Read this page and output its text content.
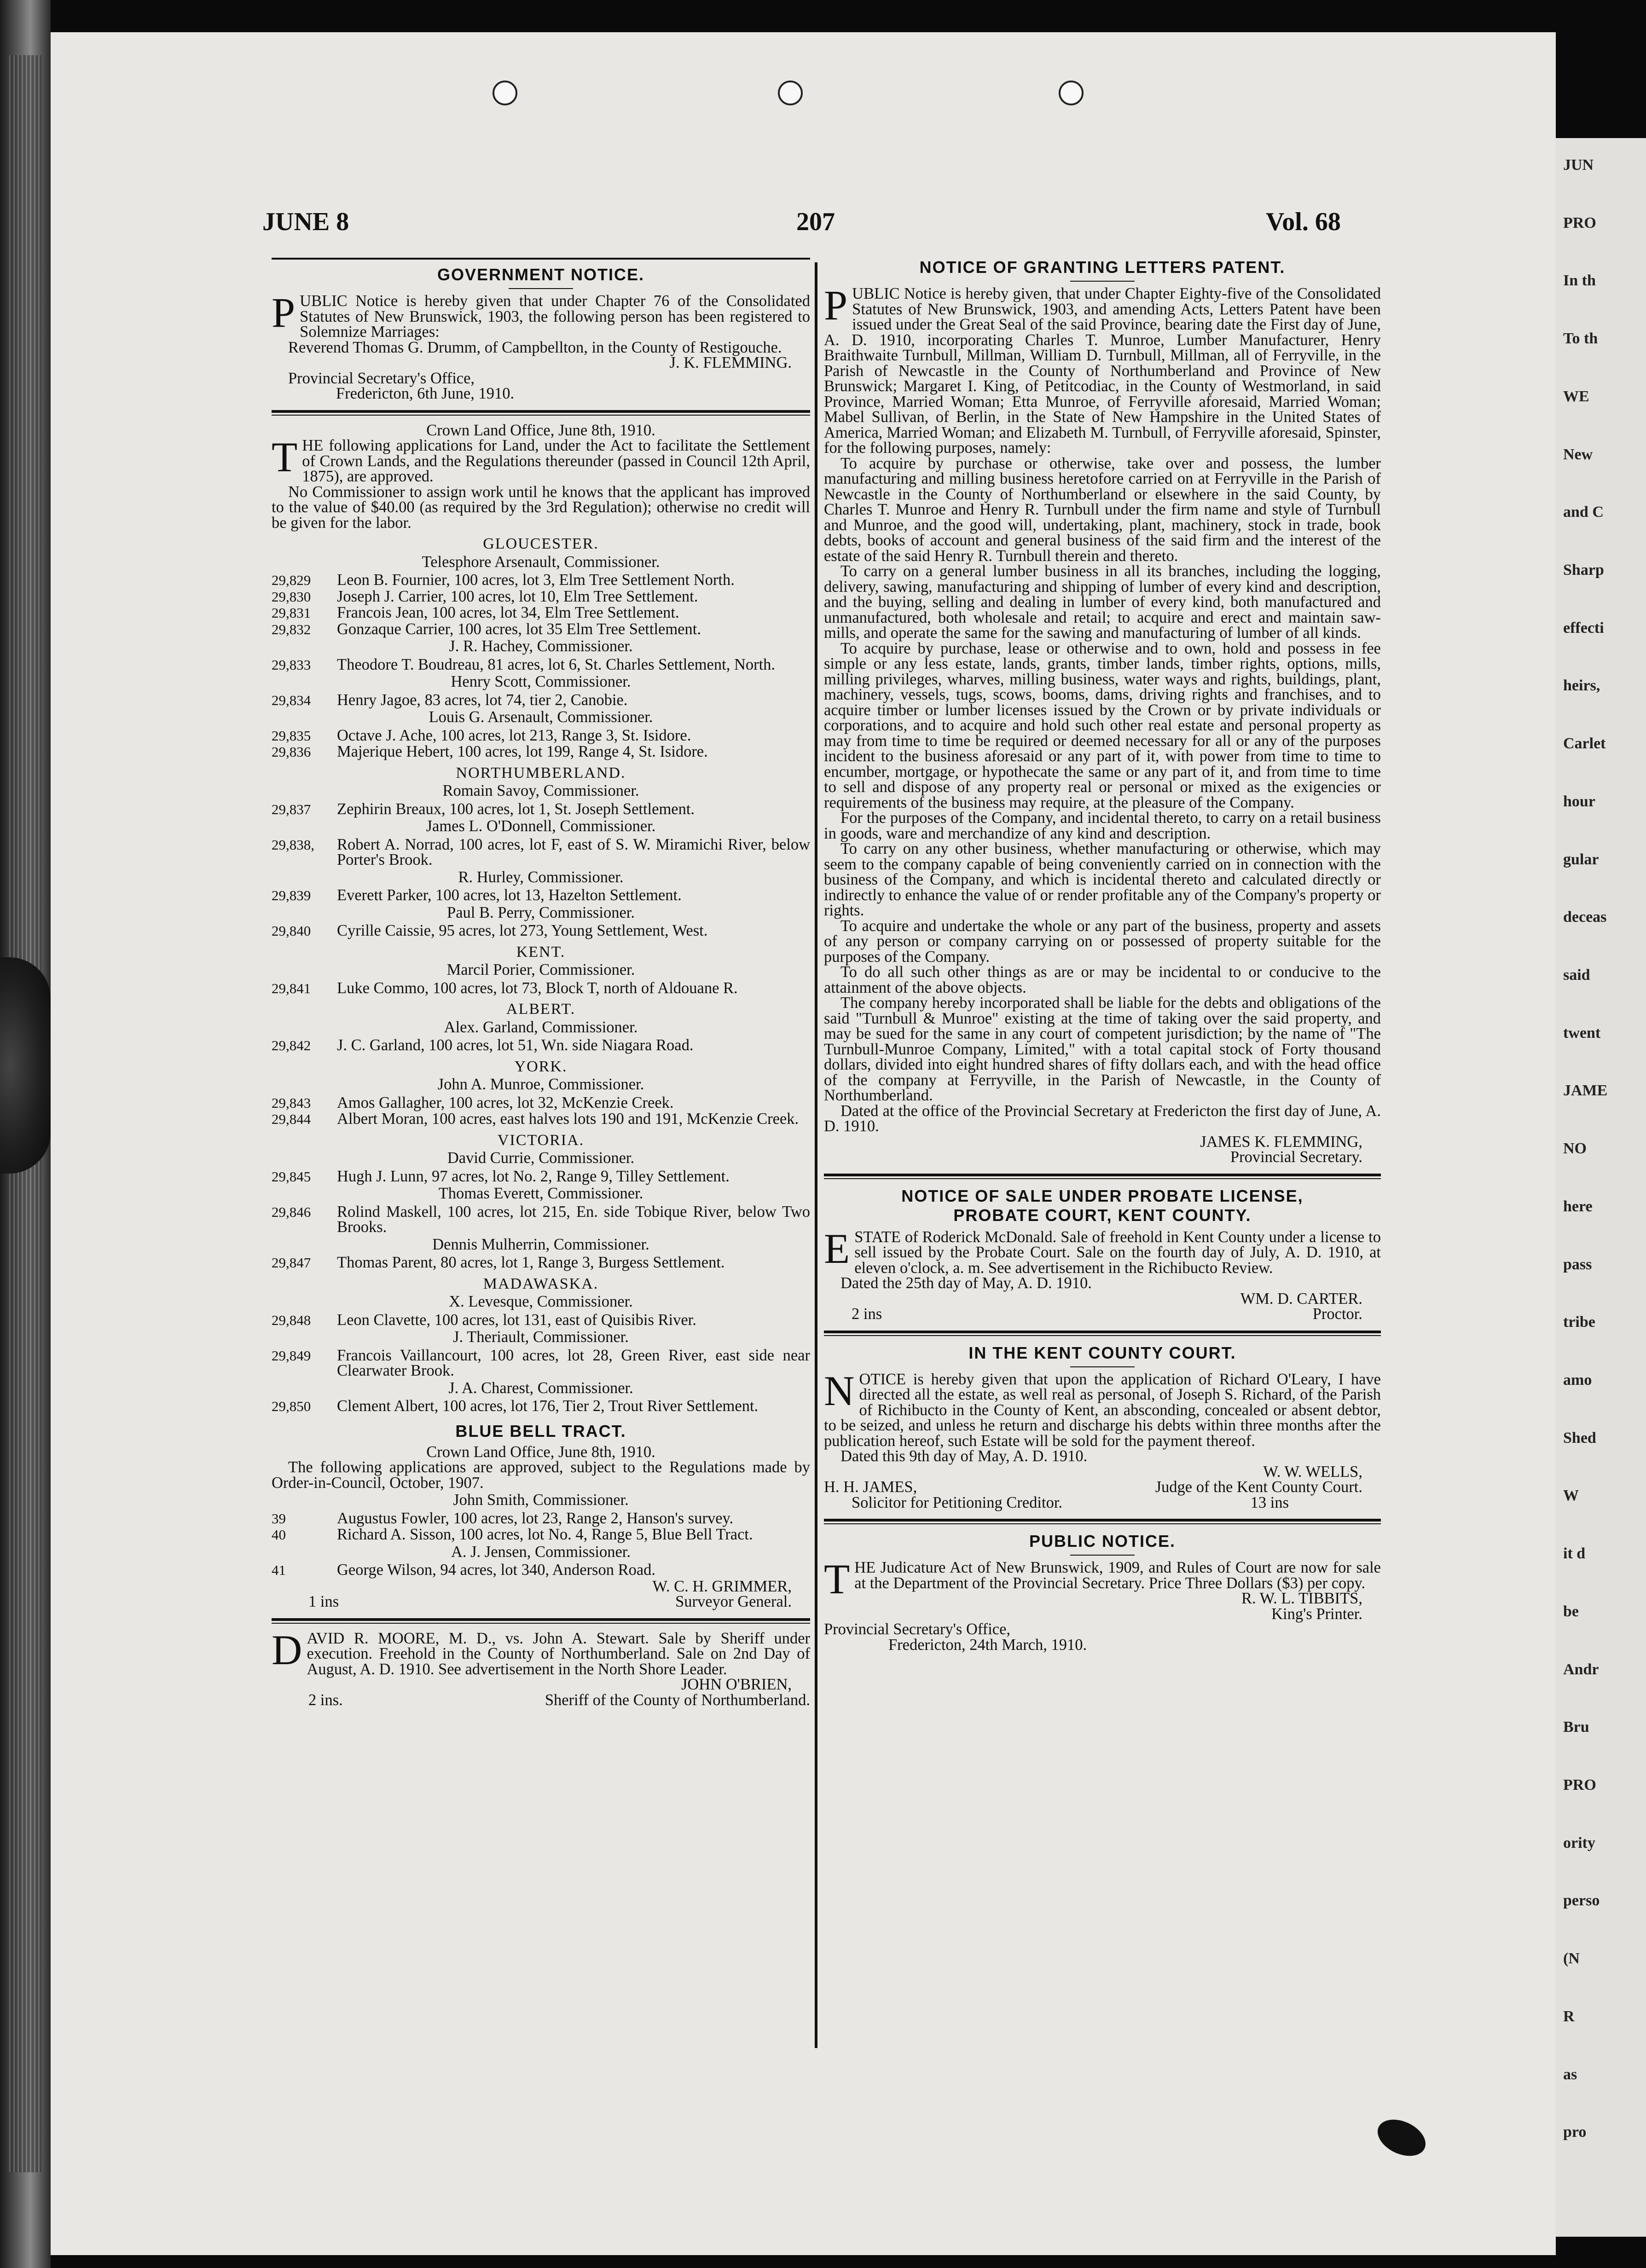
JUN
PRO
In th
To th
WE
New
and C
Sharp
effecti
heirs,
Carlet
hour
gular
deceas
said
twent
JAME
NO
here
pass
tribe
amo
Shed
W
it d
be
Andr
Bru
PRO
ority
perso
(N
R
as
pro
JUNE 8	207	Vol. 68
GOVERNMENT NOTICE.

PUBLIC Notice is hereby given that under Chapter 76 of the Consolidated Statutes of New Brunswick, 1903, the following person has been registered to Solemnize Marriages:

Reverend Thomas G. Drumm, of Campbellton, in the County of Restigouche.

J. K. FLEMMING.

Provincial Secretary's Office,

Fredericton, 6th June, 1910.

Crown Land Office, June 8th, 1910.

THE following applications for Land, under the Act to facilitate the Settlement of Crown Lands, and the Regulations thereunder (passed in Council 12th April, 1875), are approved.

No Commissioner to assign work until he knows that the applicant has improved to the value of $40.00 (as required by the 3rd Regulation); otherwise no credit will be given for the labor.

GLOUCESTER.
Telesphore Arsenault, Commissioner.
29,829	Leon B. Fournier, 100 acres, lot 3, Elm Tree Settlement North.
29,830	Joseph J. Carrier, 100 acres, lot 10, Elm Tree Settlement.
29,831	Francois Jean, 100 acres, lot 34, Elm Tree Settlement.
29,832	Gonzaque Carrier, 100 acres, lot 35 Elm Tree Settlement.
J. R. Hachey, Commissioner.
29,833	Theodore T. Boudreau, 81 acres, lot 6, St. Charles Settlement, North.
Henry Scott, Commissioner.
29,834	Henry Jagoe, 83 acres, lot 74, tier 2, Canobie.
Louis G. Arsenault, Commissioner.
29,835	Octave J. Ache, 100 acres, lot 213, Range 3, St. Isidore.
29,836	Majerique Hebert, 100 acres, lot 199, Range 4, St. Isidore.
NORTHUMBERLAND.
Romain Savoy, Commissioner.
29,837	Zephirin Breaux, 100 acres, lot 1, St. Joseph Settlement.
James L. O'Donnell, Commissioner.
29,838,	Robert A. Norrad, 100 acres, lot F, east of S. W. Miramichi River, below Porter's Brook.
R. Hurley, Commissioner.
29,839	Everett Parker, 100 acres, lot 13, Hazelton Settlement.
Paul B. Perry, Commissioner.
29,840	Cyrille Caissie, 95 acres, lot 273, Young Settlement, West.
KENT.
Marcil Porier, Commissioner.
29,841	Luke Commo, 100 acres, lot 73, Block T, north of Aldouane R.
ALBERT.
Alex. Garland, Commissioner.
29,842	J. C. Garland, 100 acres, lot 51, Wn. side Niagara Road.
YORK.
John A. Munroe, Commissioner.
29,843	Amos Gallagher, 100 acres, lot 32, McKenzie Creek.
29,844	Albert Moran, 100 acres, east halves lots 190 and 191, McKenzie Creek.
VICTORIA.
David Currie, Commissioner.
29,845	Hugh J. Lunn, 97 acres, lot No. 2, Range 9, Tilley Settlement.
Thomas Everett, Commissioner.
29,846	Rolind Maskell, 100 acres, lot 215, En. side Tobique River, below Two Brooks.
Dennis Mulherrin, Commissioner.
29,847	Thomas Parent, 80 acres, lot 1, Range 3, Burgess Settlement.
MADAWASKA.
X. Levesque, Commissioner.
29,848	Leon Clavette, 100 acres, lot 131, east of Quisibis River.
J. Theriault, Commissioner.
29,849	Francois Vaillancourt, 100 acres, lot 28, Green River, east side near Clearwater Brook.
J. A. Charest, Commissioner.
29,850	Clement Albert, 100 acres, lot 176, Tier 2, Trout River Settlement.
BLUE BELL TRACT.
Crown Land Office, June 8th, 1910.

The following applications are approved, subject to the Regulations made by Order-in-Council, October, 1907.

John Smith, Commissioner.
39	Augustus Fowler, 100 acres, lot 23, Range 2, Hanson's survey.
40	Richard A. Sisson, 100 acres, lot No. 4, Range 5, Blue Bell Tract.
A. J. Jensen, Commissioner.
41	George Wilson, 94 acres, lot 340, Anderson Road.
W. C. H. GRIMMER,
1 ins	Surveyor General.

DAVID R. MOORE, M. D., vs. John A. Stewart. Sale by Sheriff under execution. Freehold in the County of Northumberland. Sale on 2nd Day of August, A. D. 1910. See advertisement in the North Shore Leader.

JOHN O'BRIEN,
2 ins.	Sheriff of the County of Northumberland.
NOTICE OF GRANTING LETTERS PATENT.

PUBLIC Notice is hereby given, that under Chapter Eighty-five of the Consolidated Statutes of New Brunswick, 1903, and amending Acts, Letters Patent have been issued under the Great Seal of the said Province, bearing date the First day of June, A. D. 1910, incorporating Charles T. Munroe, Lumber Manufacturer, Henry Braithwaite Turnbull, Millman, William D. Turnbull, Millman, all of Ferryville, in the Parish of Newcastle in the County of Northumberland and Province of New Brunswick; Margaret I. King, of Petitcodiac, in the County of Westmorland, in said Province, Married Woman; Etta Munroe, of Ferryville aforesaid, Married Woman; Mabel Sullivan, of Berlin, in the State of New Hampshire in the United States of America, Married Woman; and Elizabeth M. Turnbull, of Ferryville aforesaid, Spinster, for the following purposes, namely:

To acquire by purchase or otherwise, take over and possess, the lumber manufacturing and milling business heretofore carried on at Ferryville in the Parish of Newcastle in the County of Northumberland or elsewhere in the said County, by Charles T. Munroe and Henry R. Turnbull under the firm name and style of Turnbull and Munroe, and the good will, undertaking, plant, machinery, stock in trade, book debts, books of account and general business of the said firm and the interest of the estate of the said Henry R. Turnbull therein and thereto.

To carry on a general lumber business in all its branches, including the logging, delivery, sawing, manufacturing and shipping of lumber of every kind and description, and the buying, selling and dealing in lumber of every kind, both manufactured and unmanufactured, both wholesale and retail; to acquire and erect and maintain saw-mills, and operate the same for the sawing and manufacturing of lumber of all kinds.

To acquire by purchase, lease or otherwise and to own, hold and possess in fee simple or any less estate, lands, grants, timber lands, timber rights, options, mills, milling privileges, wharves, milling business, water ways and rights, buildings, plant, machinery, vessels, tugs, scows, booms, dams, driving rights and franchises, and to acquire timber or lumber licenses issued by the Crown or by private individuals or corporations, and to acquire and hold such other real estate and personal property as may from time to time be required or deemed necessary for all or any of the purposes incident to the business aforesaid or any part of it, with power from time to time to encumber, mortgage, or hypothecate the same or any part of it, and from time to time to sell and dispose of any property real or personal or mixed as the exigencies or requirements of the business may require, at the pleasure of the Company.

For the purposes of the Company, and incidental thereto, to carry on a retail business in goods, ware and merchandize of any kind and description.

To carry on any other business, whether manufacturing or otherwise, which may seem to the company capable of being conveniently carried on in connection with the business of the Company, and which is incidental thereto and calculated directly or indirectly to enhance the value of or render profitable any of the Company's property or rights.

To acquire and undertake the whole or any part of the business, property and assets of any person or company carrying on or possessed of property suitable for the purposes of the Company.

To do all such other things as are or may be incidental to or conducive to the attainment of the above objects.

The company hereby incorporated shall be liable for the debts and obligations of the said "Turnbull & Munroe" existing at the time of taking over the said property, and may be sued for the same in any court of competent jurisdiction; by the name of "The Turnbull-Munroe Company, Limited," with a total capital stock of Forty thousand dollars, divided into eight hundred shares of fifty dollars each, and with the head office of the company at Ferryville, in the Parish of Newcastle, in the County of Northumberland.

Dated at the office of the Provincial Secretary at Fredericton the first day of June, A. D. 1910.

JAMES K. FLEMMING,
Provincial Secretary.
NOTICE OF SALE UNDER PROBATE LICENSE,
PROBATE COURT, KENT COUNTY.

ESTATE of Roderick McDonald. Sale of freehold in Kent County under a license to sell issued by the Probate Court. Sale on the fourth day of July, A. D. 1910, at eleven o'clock, a. m. See advertisement in the Richibucto Review.

Dated the 25th day of May, A. D. 1910.

WM. D. CARTER.
2 ins	Proctor.
IN THE KENT COUNTY COURT.

NOTICE is hereby given that upon the application of Richard O'Leary, I have directed all the estate, as well real as personal, of Joseph S. Richard, of the Parish of Richibucto in the County of Kent, an absconding, concealed or absent debtor, to be seized, and unless he return and discharge his debts within three months after the publication hereof, such Estate will be sold for the payment thereof.

Dated this 9th day of May, A. D. 1910.

W. W. WELLS,
H. H. JAMES,	Judge of the Kent County Court.
Solicitor for Petitioning Creditor.	13 ins
PUBLIC NOTICE.

THE Judicature Act of New Brunswick, 1909, and Rules of Court are now for sale at the Department of the Provincial Secretary. Price Three Dollars ($3) per copy.

R. W. L. TIBBITS,
King's Printer.

Provincial Secretary's Office,

Fredericton, 24th March, 1910.
